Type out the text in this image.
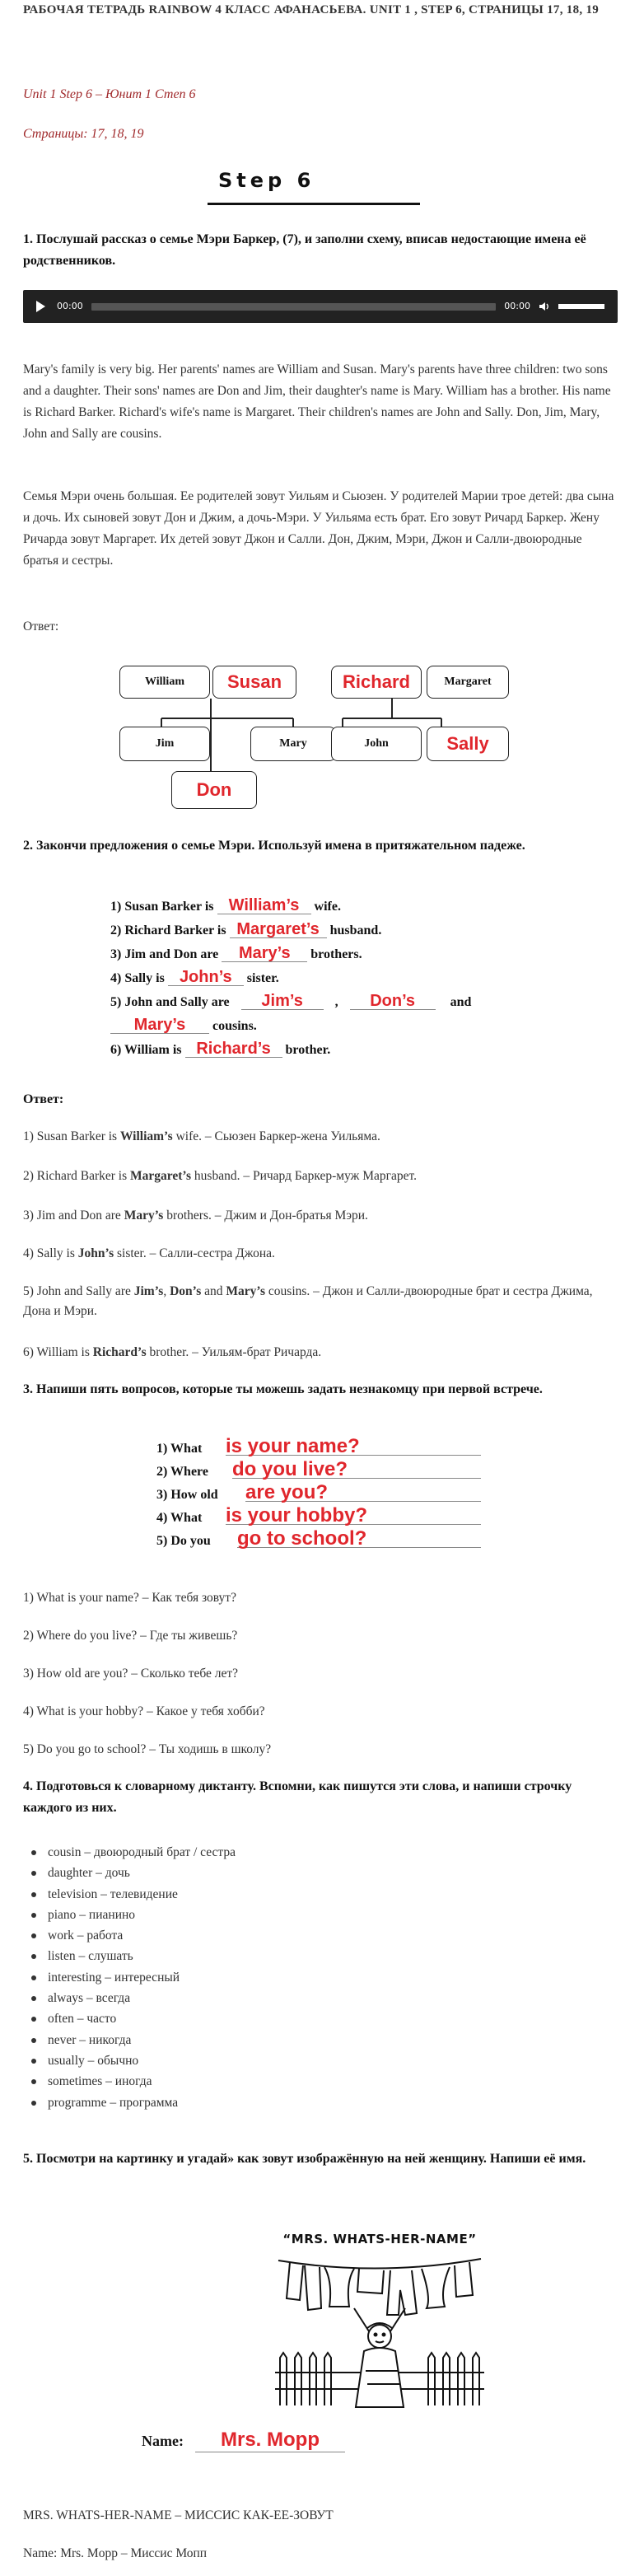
РАБОЧАЯ ТЕТРАДЬ RAINBOW 4 КЛАСС АФАНАСЬЕВА. UNIT 1 , STEP 6, СТРАНИЦЫ 17, 18, 19
Unit 1 Step 6 – Юнит 1 Степ 6
Страницы: 17, 18, 19
Step 6
1. Послушай рассказ о семье Мэри Баркер, (7), и заполни схему, вписав недостающие имена её родственников.
00:00	00:00

Mary's family is very big. Her parents' names are William and Susan. Mary's parents have three children: two sons and a daughter. Their sons' names are Don and Jim, their daughter's name is Mary. William has a brother. His name is Richard Barker. Richard's wife's name is Margaret. Their children's names are John and Sally. Don, Jim, Mary, John and Sally are cousins.

Семья Мэри очень большая. Ее родителей зовут Уильям и Сьюзен. У родителей Марии трое детей: два сына и дочь. Их сыновей зовут Дон и Джим, а дочь-Мэри. У Уильяма есть брат. Его зовут Ричард Баркер. Жену Ричарда зовут Маргарет. Их детей зовут Джон и Салли. Дон, Джим, Мэри, Джон и Салли-двоюродные братья и сестры.

Ответ:
William Susan	Richard	Margaret
Jim	Mary	John	Sally
Don
2. Закончи предложения о семье Мэри. Используй имена в притяжательном падеже.
1) Susan Barker is William’s wife.
2) Richard Barker is Margaret’s husband.
3) Jim and Don are Mary’s brothers.
4) Sally is John’s sister.
5) John and Sally are Jim’s , Don’s	and
Mary’s cousins.
6) William is Richard’s brother.
Ответ:
1) Susan Barker is William’s wife. – Сьюзен Баркер-жена Уильяма.
2) Richard Barker is Margaret’s husband. – Ричард Баркер-муж Маргарет.
3) Jim and Don are Mary’s brothers. – Джим и Дон-братья Мэри.
4) Sally is John’s sister. – Салли-сестра Джона.
5) John and Sally are Jim’s, Don’s and Mary’s cousins. – Джон и Салли-двоюродные брат и сестра Джима, Дона и Мэри.
6) William is Richard’s brother. – Уильям-брат Ричарда.
3. Напиши пять вопросов, которые ты можешь задать незнакомцу при первой встрече.
1) What is your name?
2) Where do you live?
3) How old are you?
4) What is your hobby?
5) Do you go to school?
1) What is your name? – Как тебя зовут?
2) Where do you live? – Где ты живешь?
3) How old are you? – Сколько тебе лет?
4) What is your hobby? – Какое у тебя хобби?
5) Do you go to school? – Ты ходишь в школу?
4. Подготовься к словарному диктанту. Вспомни, как пишутся эти слова, и напиши строчку каждого из них.
cousin – двоюродный брат / сестра
daughter – дочь
television – телевидение
piano – пианино
work – работа
listen – слушать
interesting – интересный
always – всегда
often – часто
never – никогда
usually – обычно
sometimes – иногда
programme – программа
5. Посмотри на картинку и угадай» как зовут изображённую на ней женщину. Напиши её имя.
“MRS. WHATS-HER-NAME”
Name: Mrs. Mopp
MRS. WHATS-HER-NAME – МИССИС КАК-ЕЕ-ЗОВУТ
Name: Mrs. Mopp – Миссис Мопп
